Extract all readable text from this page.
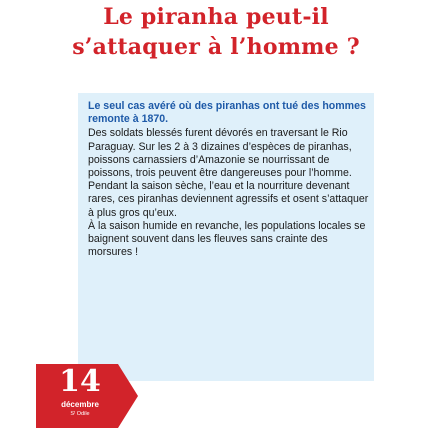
Le piranha peut-il
s’attaquer à l’homme ?

Le seul cas avéré où des piranhas ont tué des hommes remonte à 1870.

Des soldats blessés furent dévorés en traversant le Rio Paraguay. Sur les 2 à 3 dizaines d’espèces de piranhas, poissons carnassiers d’Amazonie se nourrissant de poissons, trois peuvent être dangereuses pour l’homme.

Pendant la saison sèche, l’eau et la nourriture devenant rares, ces piranhas deviennent agressifs et osent s’attaquer à plus gros qu’eux.

À la saison humide en revanche, les populations locales se baignent souvent dans les fleuves sans crainte des morsures !

14
décembre
Sᵗ Odile
